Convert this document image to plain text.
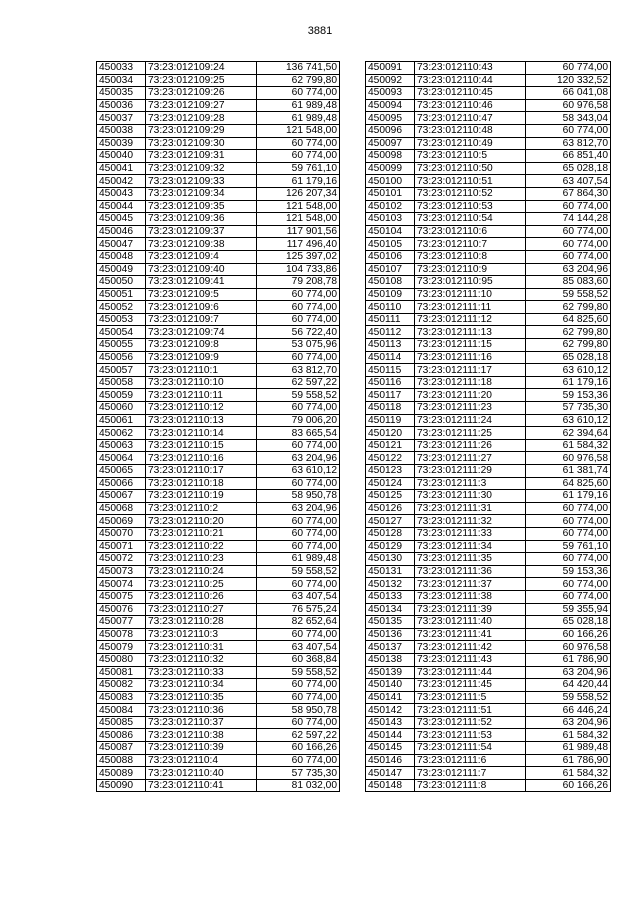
3881
450033	73:23:012109:24	136 741,50
450034	73:23:012109:25	62 799,80
450035	73:23:012109:26	60 774,00
450036	73:23:012109:27	61 989,48
450037	73:23:012109:28	61 989,48
450038	73:23:012109:29	121 548,00
450039	73:23:012109:30	60 774,00
450040	73:23:012109:31	60 774,00
450041	73:23:012109:32	59 761,10
450042	73:23:012109:33	61 179,16
450043	73:23:012109:34	126 207,34
450044	73:23:012109:35	121 548,00
450045	73:23:012109:36	121 548,00
450046	73:23:012109:37	117 901,56
450047	73:23:012109:38	117 496,40
450048	73:23:012109:4	125 397,02
450049	73:23:012109:40	104 733,86
450050	73:23:012109:41	79 208,78
450051	73:23:012109:5	60 774,00
450052	73:23:012109:6	60 774,00
450053	73:23:012109:7	60 774,00
450054	73:23:012109:74	56 722,40
450055	73:23:012109:8	53 075,96
450056	73:23:012109:9	60 774,00
450057	73:23:012110:1	63 812,70
450058	73:23:012110:10	62 597,22
450059	73:23:012110:11	59 558,52
450060	73:23:012110:12	60 774,00
450061	73:23:012110:13	79 006,20
450062	73:23:012110:14	83 665,54
450063	73:23:012110:15	60 774,00
450064	73:23:012110:16	63 204,96
450065	73:23:012110:17	63 610,12
450066	73:23:012110:18	60 774,00
450067	73:23:012110:19	58 950,78
450068	73:23:012110:2	63 204,96
450069	73:23:012110:20	60 774,00
450070	73:23:012110:21	60 774,00
450071	73:23:012110:22	60 774,00
450072	73:23:012110:23	61 989,48
450073	73:23:012110:24	59 558,52
450074	73:23:012110:25	60 774,00
450075	73:23:012110:26	63 407,54
450076	73:23:012110:27	76 575,24
450077	73:23:012110:28	82 652,64
450078	73:23:012110:3	60 774,00
450079	73:23:012110:31	63 407,54
450080	73:23:012110:32	60 368,84
450081	73:23:012110:33	59 558,52
450082	73:23:012110:34	60 774,00
450083	73:23:012110:35	60 774,00
450084	73:23:012110:36	58 950,78
450085	73:23:012110:37	60 774,00
450086	73:23:012110:38	62 597,22
450087	73:23:012110:39	60 166,26
450088	73:23:012110:4	60 774,00
450089	73:23:012110:40	57 735,30
450090	73:23:012110:41	81 032,00
450091	73:23:012110:43	60 774,00
450092	73:23:012110:44	120 332,52
450093	73:23:012110:45	66 041,08
450094	73:23:012110:46	60 976,58
450095	73:23:012110:47	58 343,04
450096	73:23:012110:48	60 774,00
450097	73:23:012110:49	63 812,70
450098	73:23:012110:5	66 851,40
450099	73:23:012110:50	65 028,18
450100	73:23:012110:51	63 407,54
450101	73:23:012110:52	67 864,30
450102	73:23:012110:53	60 774,00
450103	73:23:012110:54	74 144,28
450104	73:23:012110:6	60 774,00
450105	73:23:012110:7	60 774,00
450106	73:23:012110:8	60 774,00
450107	73:23:012110:9	63 204,96
450108	73:23:012110:95	85 083,60
450109	73:23:012111:10	59 558,52
450110	73:23:012111:11	62 799,80
450111	73:23:012111:12	64 825,60
450112	73:23:012111:13	62 799,80
450113	73:23:012111:15	62 799,80
450114	73:23:012111:16	65 028,18
450115	73:23:012111:17	63 610,12
450116	73:23:012111:18	61 179,16
450117	73:23:012111:20	59 153,36
450118	73:23:012111:23	57 735,30
450119	73:23:012111:24	63 610,12
450120	73:23:012111:25	62 394,64
450121	73:23:012111:26	61 584,32
450122	73:23:012111:27	60 976,58
450123	73:23:012111:29	61 381,74
450124	73:23:012111:3	64 825,60
450125	73:23:012111:30	61 179,16
450126	73:23:012111:31	60 774,00
450127	73:23:012111:32	60 774,00
450128	73:23:012111:33	60 774,00
450129	73:23:012111:34	59 761,10
450130	73:23:012111:35	60 774,00
450131	73:23:012111:36	59 153,36
450132	73:23:012111:37	60 774,00
450133	73:23:012111:38	60 774,00
450134	73:23:012111:39	59 355,94
450135	73:23:012111:40	65 028,18
450136	73:23:012111:41	60 166,26
450137	73:23:012111:42	60 976,58
450138	73:23:012111:43	61 786,90
450139	73:23:012111:44	63 204,96
450140	73:23:012111:45	64 420,44
450141	73:23:012111:5	59 558,52
450142	73:23:012111:51	66 446,24
450143	73:23:012111:52	63 204,96
450144	73:23:012111:53	61 584,32
450145	73:23:012111:54	61 989,48
450146	73:23:012111:6	61 786,90
450147	73:23:012111:7	61 584,32
450148	73:23:012111:8	60 166,26
